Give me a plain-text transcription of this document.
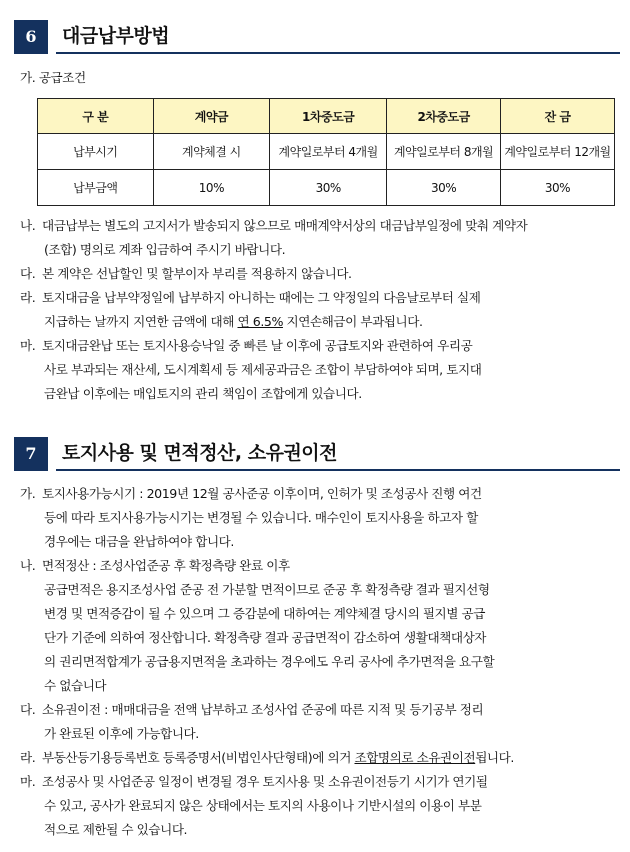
6	대금납부방법
가. 공급조건
구 분	계약금	1차중도금	2차중도금	잔 금
납부시기	계약체결 시	계약일로부터 4개월	계약일로부터 8개월	계약일로부터 12개월
납부금액	10%	30%	30%	30%
나. 대금납부는 별도의 고지서가 발송되지 않으므로 매매계약서상의 대금납부일정에 맞춰 계약자
(조합) 명의로 계좌 입금하여 주시기 바랍니다.
다. 본 계약은 선납할인 및 할부이자 부리를 적용하지 않습니다.
라. 토지대금을 납부약정일에 납부하지 아니하는 때에는 그 약정일의 다음날로부터 실제
지급하는 날까지 지연한 금액에 대해 연 6.5% 지연손해금이 부과됩니다.
마. 토지대금완납 또는 토지사용승낙일 중 빠른 날 이후에 공급토지와 관련하여 우리공
사로 부과되는 재산세, 도시계획세 등 제세공과금은 조합이 부담하여야 되며, 토지대
금완납 이후에는 매입토지의 관리 책임이 조합에게 있습니다.
7	토지사용 및 면적정산, 소유권이전
가. 토지사용가능시기 : 2019년 12월 공사준공 이후이며, 인허가 및 조성공사 진행 여건
등에 따라 토지사용가능시기는 변경될 수 있습니다. 매수인이 토지사용을 하고자 할
경우에는 대금을 완납하여야 합니다.
나. 면적정산 : 조성사업준공 후 확정측량 완료 이후
공급면적은 용지조성사업 준공 전 가분할 면적이므로 준공 후 확정측량 결과 필지선형
변경 및 면적증감이 될 수 있으며 그 증감분에 대하여는 계약체결 당시의 필지별 공급
단가 기준에 의하여 정산합니다. 확정측량 결과 공급면적이 감소하여 생활대책대상자
의 권리면적합계가 공급용지면적을 초과하는 경우에도 우리 공사에 추가면적을 요구할
수 없습니다
다. 소유권이전 : 매매대금을 전액 납부하고 조성사업 준공에 따른 지적 및 등기공부 정리
가 완료된 이후에 가능합니다.
라. 부동산등기용등록번호 등록증명서(비법인사단형태)에 의거 조합명의로 소유권이전됩니다.
마. 조성공사 및 사업준공 일정이 변경될 경우 토지사용 및 소유권이전등기 시기가 연기될
수 있고, 공사가 완료되지 않은 상태에서는 토지의 사용이나 기반시설의 이용이 부분
적으로 제한될 수 있습니다.
